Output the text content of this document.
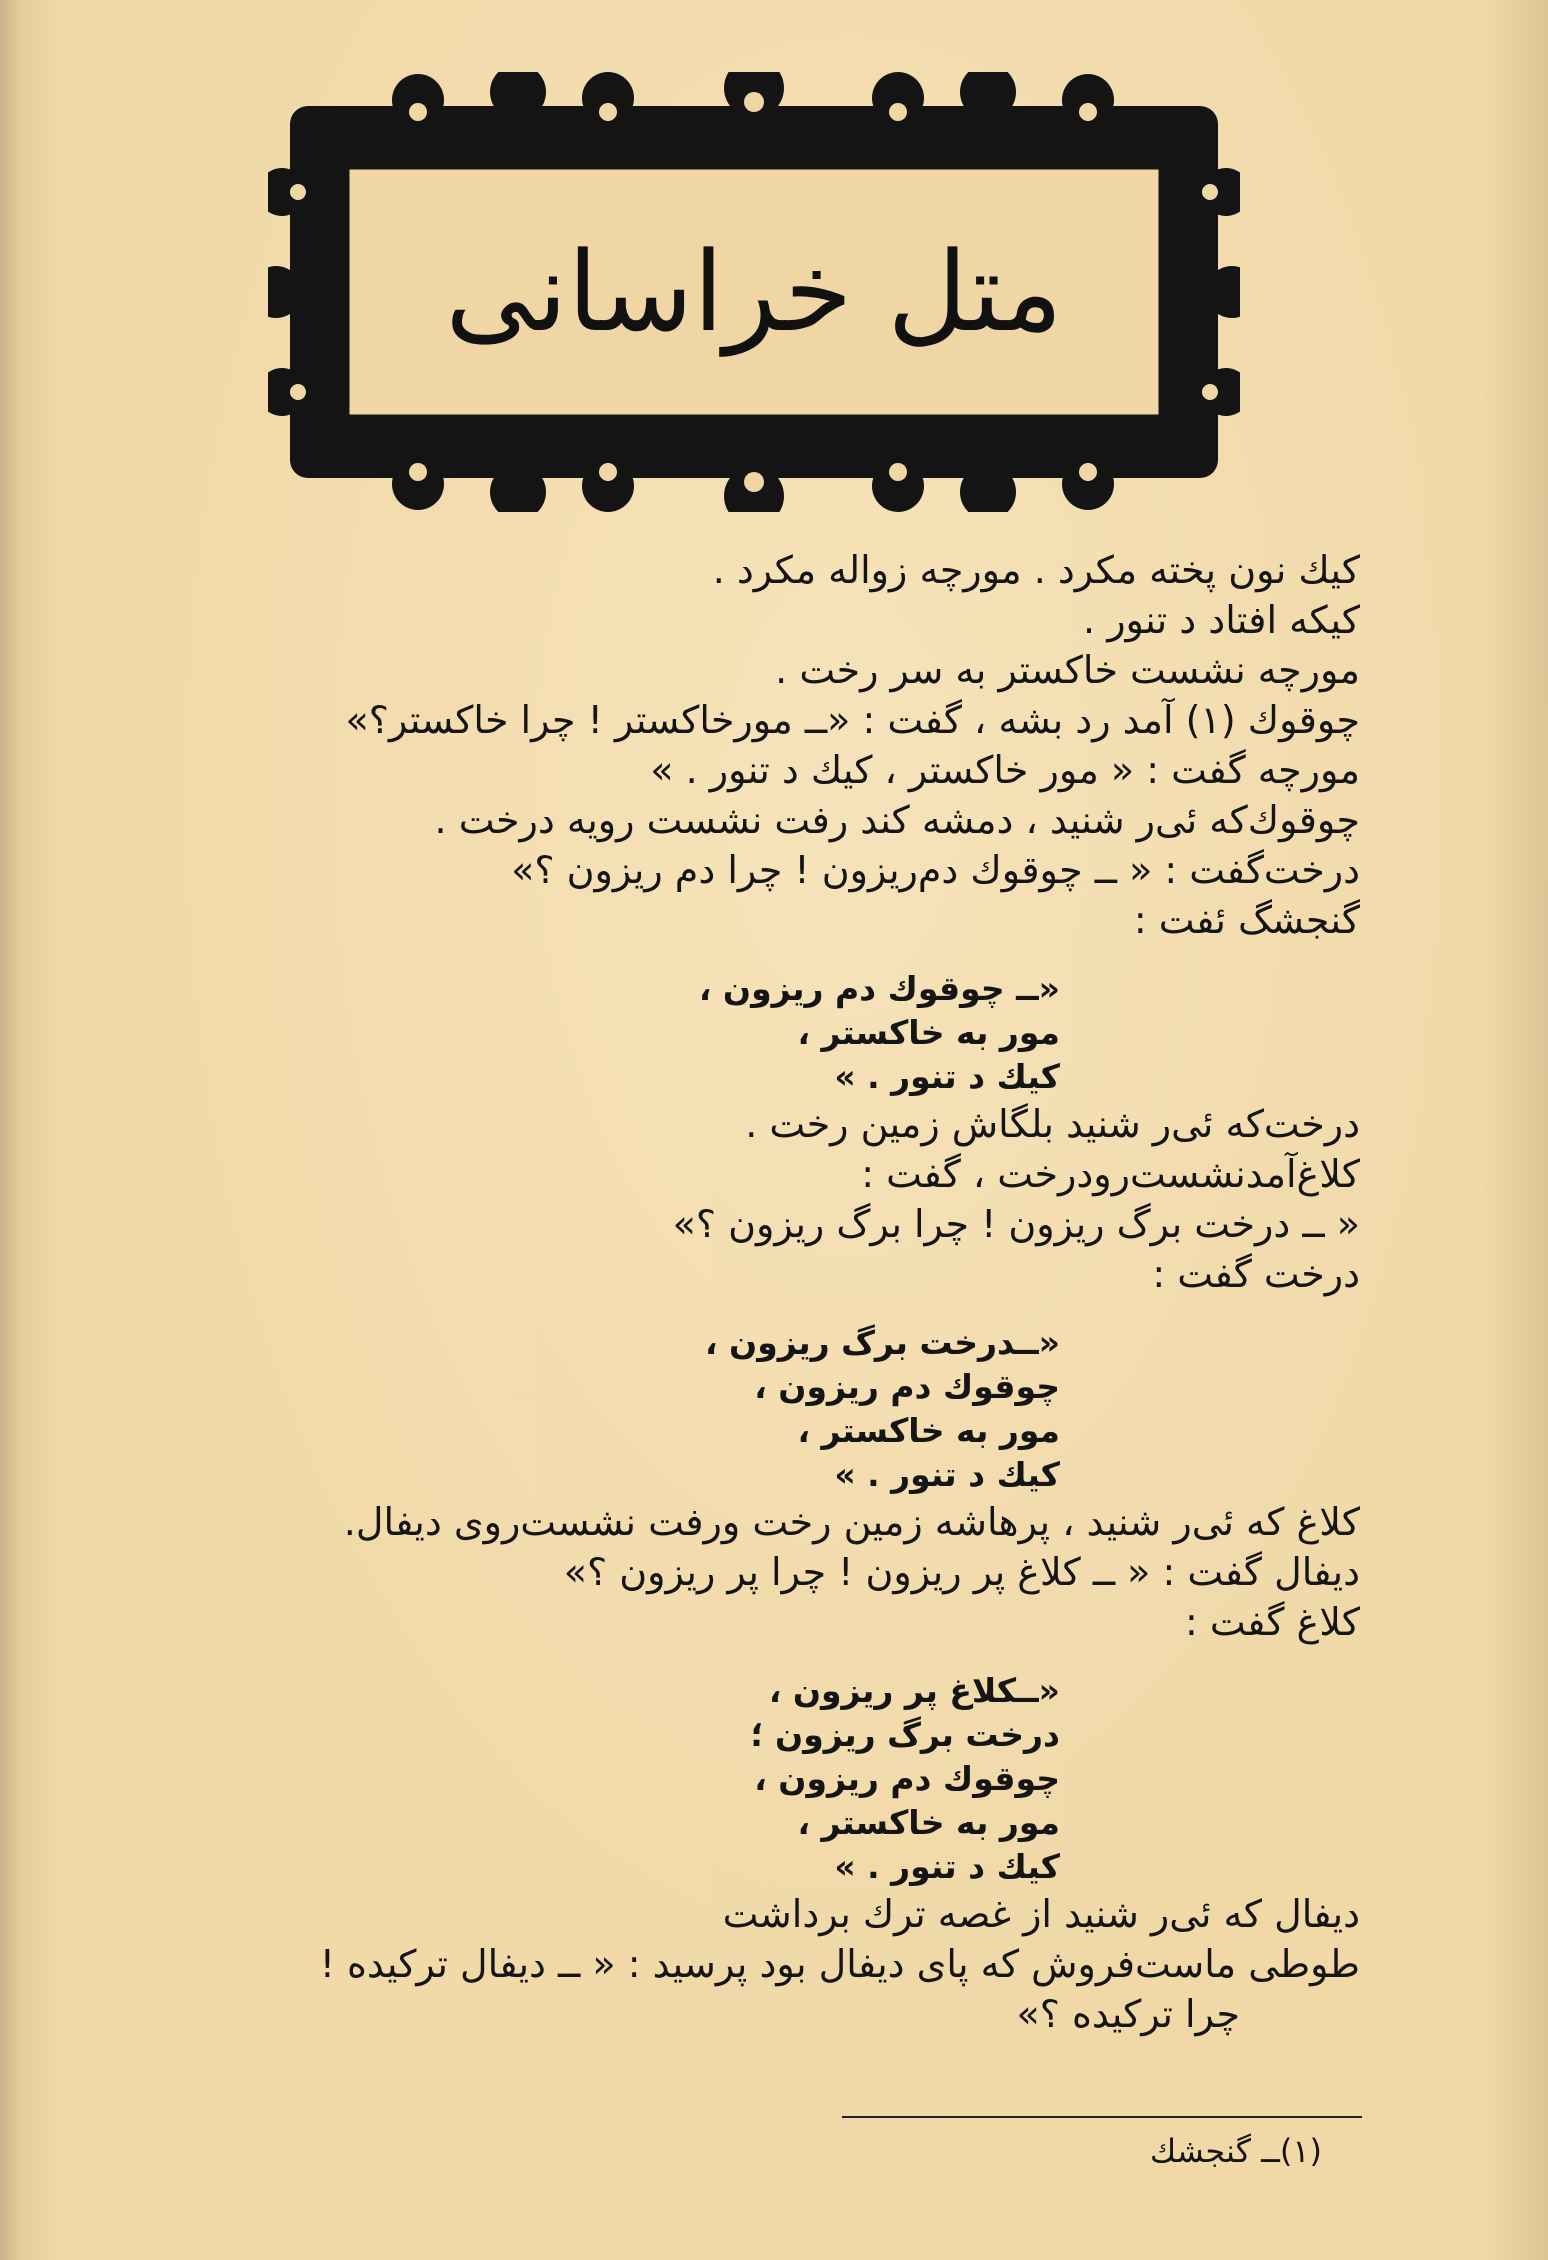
متل خراسانی
کیك نون پخته مکرد . مورچه زواله مکرد .
کیکه افتاد د تنور .
مورچه نشست خاکستر به سر رخت .
چوقوك (۱) آمد رد بشه ، گفت : «ــ مورخاکستر ! چرا خاکستر؟»
مورچه گفت : « مور خاکستر ، کیك د تنور . »
چوقوك‌که ئی‌ر شنید ، دمشه کند رفت نشست رویه درخت .
درخت‌گفت : « ــ چوقوك دم‌ریزون ! چرا دم ریزون ؟»
گنجشگ ئفت :
«ــ چوقوك دم ریزون ،
مور به خاکستر ،
کیك د تنور . »
درخت‌که ئی‌ر شنید بلگاش زمین رخت .
کلاغ‌آمدنشست‌رودرخت ، گفت :
« ــ درخت برگ ریزون ! چرا برگ ریزون ؟»
درخت گفت :
«ــدرخت برگ ریزون ،
چوقوك دم ریزون ،
مور به خاکستر ،
کیك د تنور . »
کلاغ که ئی‌ر شنید ، پرهاشه زمین رخت ورفت نشست‌روی دیفال.
دیفال گفت : « ــ کلاغ پر ریزون ! چرا پر ریزون ؟»
کلاغ گفت :
«ــکلاغ پر ریزون ،
درخت برگ ریزون ؛
چوقوك دم ریزون ،
مور به خاکستر ،
کیك د تنور . »
دیفال که ئی‌ر شنید از غصه ترك برداشت
طوطی ماست‌فروش که پای دیفال بود پرسید : « ــ دیفال ترکیده !
چرا ترکیده ؟»
(۱)ــ گنجشك
